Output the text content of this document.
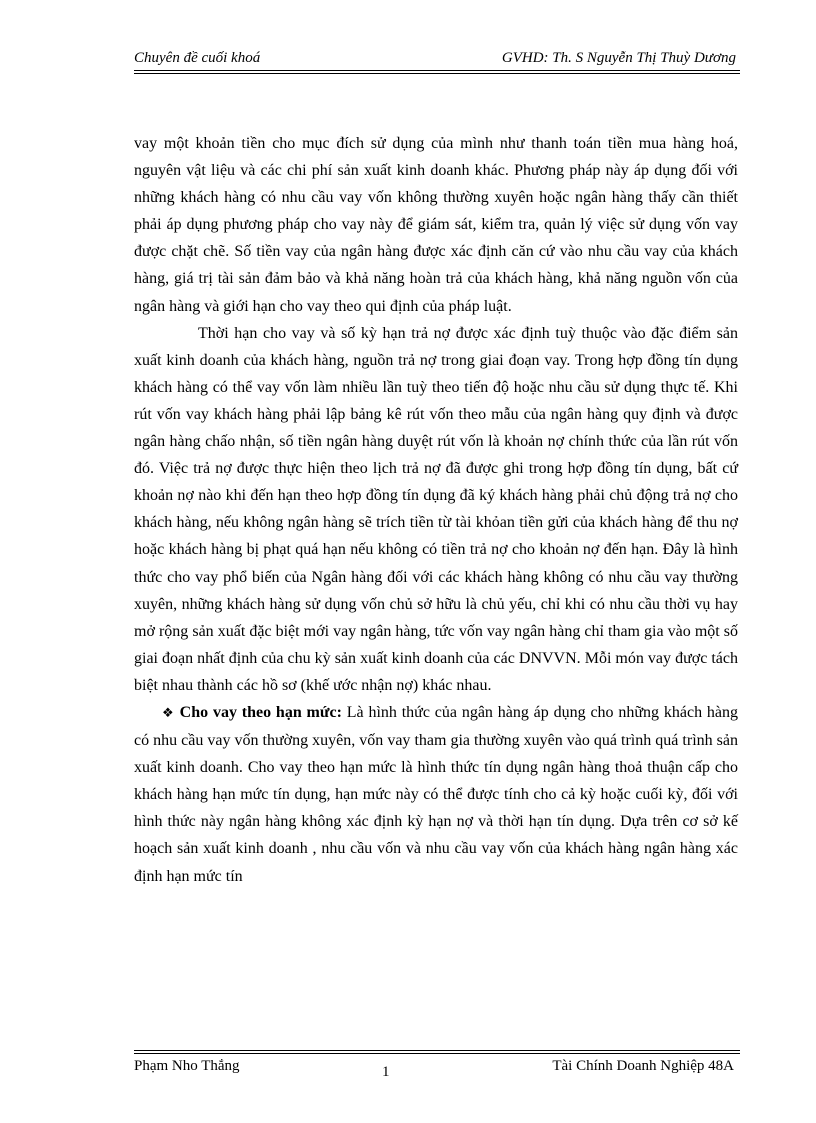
Chuyên đề cuối khoá	GVHD: Th. S Nguyễn Thị Thuỳ Dương

vay một khoản tiền cho mục đích sử dụng của mình như thanh toán tiền mua hàng hoá, nguyên vật liệu và các chi phí sản xuất kinh doanh khác. Phương pháp này áp dụng đối với những khách hàng có nhu cầu vay vốn không thường xuyên hoặc ngân hàng thấy cần thiết phải áp dụng phương pháp cho vay này để giám sát, kiểm tra, quản lý việc sử dụng vốn vay được chặt chẽ. Số tiền vay của ngân hàng được xác định căn cứ vào nhu cầu vay của khách hàng, giá trị tài sản đảm bảo và khả năng hoàn trả của khách hàng, khả năng nguồn vốn của ngân hàng và giới hạn cho vay theo qui định của pháp luật.

Thời hạn cho vay và số kỳ hạn trả nợ được xác định tuỳ thuộc vào đặc điểm sản xuất kinh doanh của khách hàng, nguồn trả nợ trong giai đoạn vay. Trong hợp đồng tín dụng khách hàng có thể vay vốn làm nhiều lần tuỳ theo tiến độ hoặc nhu cầu sử dụng thực tế. Khi rút vốn vay khách hàng phải lập bảng kê rút vốn theo mẫu của ngân hàng quy định và được ngân hàng chấo nhận, số tiền ngân hàng duyệt rút vốn là khoản nợ chính thức của lần rút vốn đó. Việc trả nợ được thực hiện theo lịch trả nợ đã được ghi trong hợp đồng tín dụng, bất cứ khoản nợ nào khi đến hạn theo hợp đồng tín dụng đã ký khách hàng phải chủ động trả nợ cho khách hàng, nếu không ngân hàng sẽ trích tiền từ tài khỏan tiền gửi của khách hàng để thu nợ hoặc khách hàng bị phạt quá hạn nếu không có tiền trả nợ cho khoản nợ đến hạn. Đây là hình thức cho vay phổ biến của Ngân hàng đối với các khách hàng không có nhu cầu vay thường xuyên, những khách hàng sử dụng vốn chủ sở hữu là chủ yếu, chỉ khi có nhu cầu thời vụ hay mở rộng sản xuất đặc biệt mới vay ngân hàng, tức vốn vay ngân hàng chỉ tham gia vào một số giai đoạn nhất định của chu kỳ sản xuất kinh doanh của các DNVVN. Mỗi món vay được tách biệt nhau thành các hồ sơ (khế ước nhận nợ) khác nhau.

❖ Cho vay theo hạn mức: Là hình thức của ngân hàng áp dụng cho những khách hàng có nhu cầu vay vốn thường xuyên, vốn vay tham gia thường xuyên vào quá trình quá trình sản xuất kinh doanh. Cho vay theo hạn mức là hình thức tín dụng ngân hàng thoả thuận cấp cho khách hàng hạn mức tín dụng, hạn mức này có thể được tính cho cả kỳ hoặc cuối kỳ, đối với hình thức này ngân hàng không xác định kỳ hạn nợ và thời hạn tín dụng. Dựa trên cơ sở kế hoạch sản xuất kinh doanh , nhu cầu vốn và nhu cầu vay vốn của khách hàng ngân hàng xác định hạn mức tín

Phạm Nho Thắng	1	Tài Chính Doanh Nghiệp 48A
